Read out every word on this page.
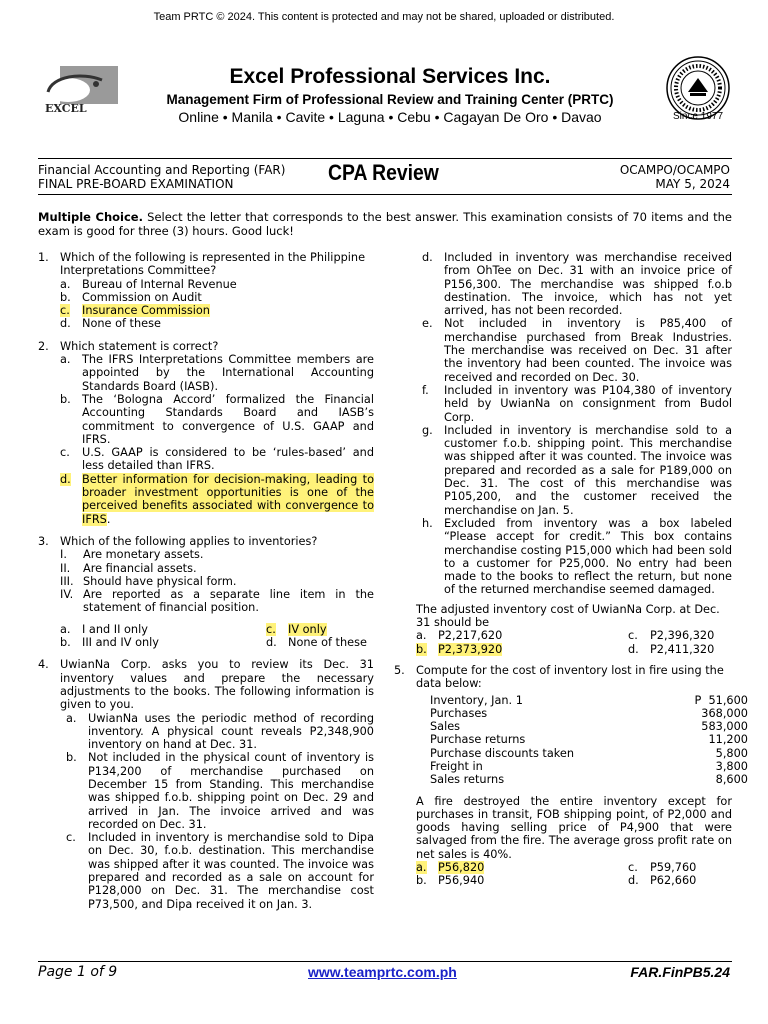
Team PRTC © 2024. This content is protected and may not be shared, uploaded or distributed.
EXCEL
Excel Professional Services Inc.
Management Firm of Professional Review and Training Center (PRTC)
Online • Manila • Cavite • Laguna • Cebu • Cagayan De Oro • Davao	Since 1977
Financial Accounting and Reporting (FAR)
FINAL PRE-BOARD EXAMINATION	CPA Review	OCAMPO/OCAMPO
MAY 5, 2024
Multiple Choice. Select the letter that corresponds to the best answer. This examination consists of 70 items and the exam is good for three (3) hours. Good luck!
1. Which of the following is represented in the Philippine Interpretations Committee?

a. Bureau of Internal Revenue
b. Commission on Audit
c. Insurance Commission
d. None of these
2. Which statement is correct?

a. The IFRS Interpretations Committee members are appointed by the International Accounting Standards Board (IASB).
b. The ‘Bologna Accord’ formalized the Financial Accounting Standards Board and IASB’s commitment to convergence of U.S. GAAP and IFRS.
c. U.S. GAAP is considered to be ‘rules-based’ and less detailed than IFRS.
d. Better information for decision-making, leading to broader investment opportunities is one of the perceived benefits associated with convergence to IFRS.
3. Which of the following applies to inventories?

I. Are monetary assets.
II. Are financial assets.
III. Should have physical form.
IV. Are reported as a separate line item in the statement of financial position.
a. I and II only	c. IV only
b. III and IV only	d. None of these
4. UwianNa Corp. asks you to review its Dec. 31 inventory values and prepare the necessary adjustments to the books. The following information is given to you.

a. UwianNa uses the periodic method of recording inventory. A physical count reveals P2,348,900 inventory on hand at Dec. 31.
b. Not included in the physical count of inventory is P134,200 of merchandise purchased on December 15 from Standing. This merchandise was shipped f.o.b. shipping point on Dec. 29 and arrived in Jan. The invoice arrived and was recorded on Dec. 31.
c. Included in inventory is merchandise sold to Dipa on Dec. 30, f.o.b. destination. This merchandise was shipped after it was counted. The invoice was prepared and recorded as a sale on account for P128,000 on Dec. 31. The merchandise cost P73,500, and Dipa received it on Jan. 3.
d. Included in inventory was merchandise received from OhTee on Dec. 31 with an invoice price of P156,300. The merchandise was shipped f.o.b destination. The invoice, which has not yet arrived, has not been recorded.
e. Not included in inventory is P85,400 of merchandise purchased from Break Industries. The merchandise was received on Dec. 31 after the inventory had been counted. The invoice was received and recorded on Dec. 30.
f. Included in inventory was P104,380 of inventory held by UwianNa on consignment from Budol Corp.
g. Included in inventory is merchandise sold to a customer f.o.b. shipping point. This merchandise was shipped after it was counted. The invoice was prepared and recorded as a sale for P189,000 on Dec. 31. The cost of this merchandise was P105,200, and the customer received the merchandise on Jan. 5.
h. Excluded from inventory was a box labeled “Please accept for credit.” This box contains merchandise costing P15,000 which had been sold to a customer for P25,000. No entry had been made to the books to reflect the return, but none of the returned merchandise seemed damaged.

The adjusted inventory cost of UwianNa Corp. at Dec. 31 should be

a. P2,217,620	c. P2,396,320
b. P2,373,920	d. P2,411,320
5. Compute for the cost of inventory lost in fire using the data below:

Inventory, Jan. 1	P  51,600
Purchases	368,000
Sales	583,000
Purchase returns	11,200
Purchase discounts taken	5,800
Freight in	3,800
Sales returns	8,600

A fire destroyed the entire inventory except for purchases in transit, FOB shipping point, of P2,000 and goods having selling price of P4,900 that were salvaged from the fire. The average gross profit rate on net sales is 40%.

a. P56,820	c. P59,760
b. P56,940	d. P62,660
Page 1 of 9	www.teamprtc.com.ph	FAR.FinPB5.24
